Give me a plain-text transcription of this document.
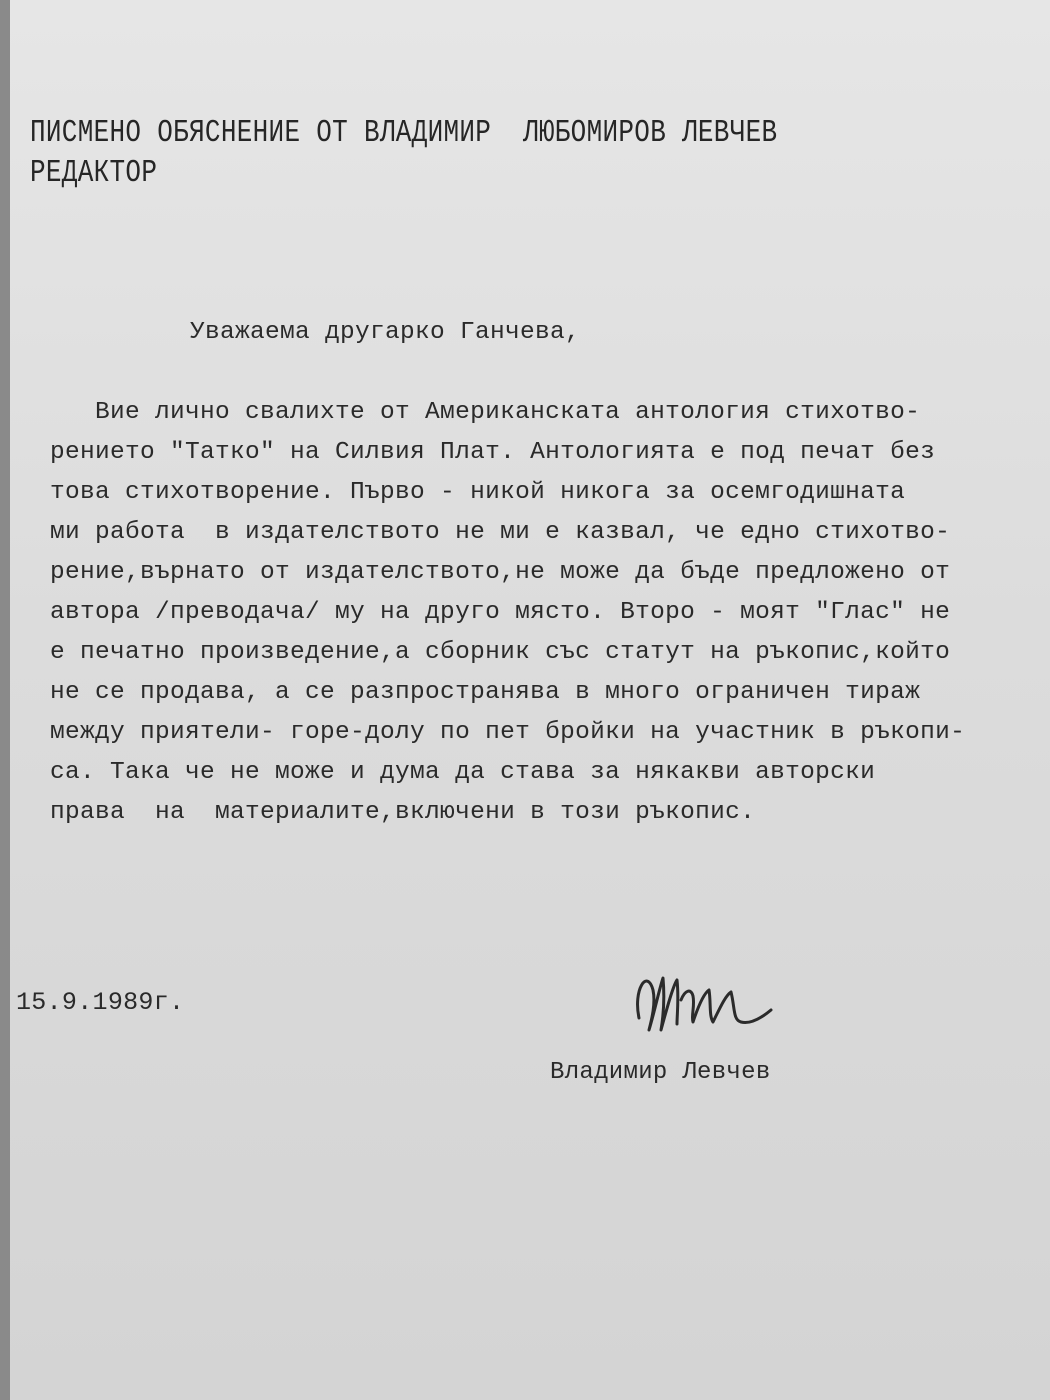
ПИСМЕНО ОБЯСНЕНИЕ ОТ ВЛАДИМИР  ЛЮБОМИРОВ ЛЕВЧЕВ
РЕДАКТОР
Уважаема другарко Ганчева,
Вие лично свалихте от Американската антология стихотво-
рението "Татко" на Силвия Плат. Антологията е под печат без
това стихотворение. Първо - никой никога за осемгодишната
ми работа  в издателството не ми е казвал, че едно стихотво-
рение,върнато от издателството,не може да бъде предложено от
автора /преводача/ му на друго място. Второ - моят "Глас" не
е печатно произведение,а сборник със статут на ръкопис,който
не се продава, а се разпространява в много ограничен тираж
между приятели- горе-долу по пет бройки на участник в ръкопи-
са. Така че не може и дума да става за някакви авторски
права  на  материалите,включени в този ръкопис.
15.9.1989г.
Владимир Левчев
